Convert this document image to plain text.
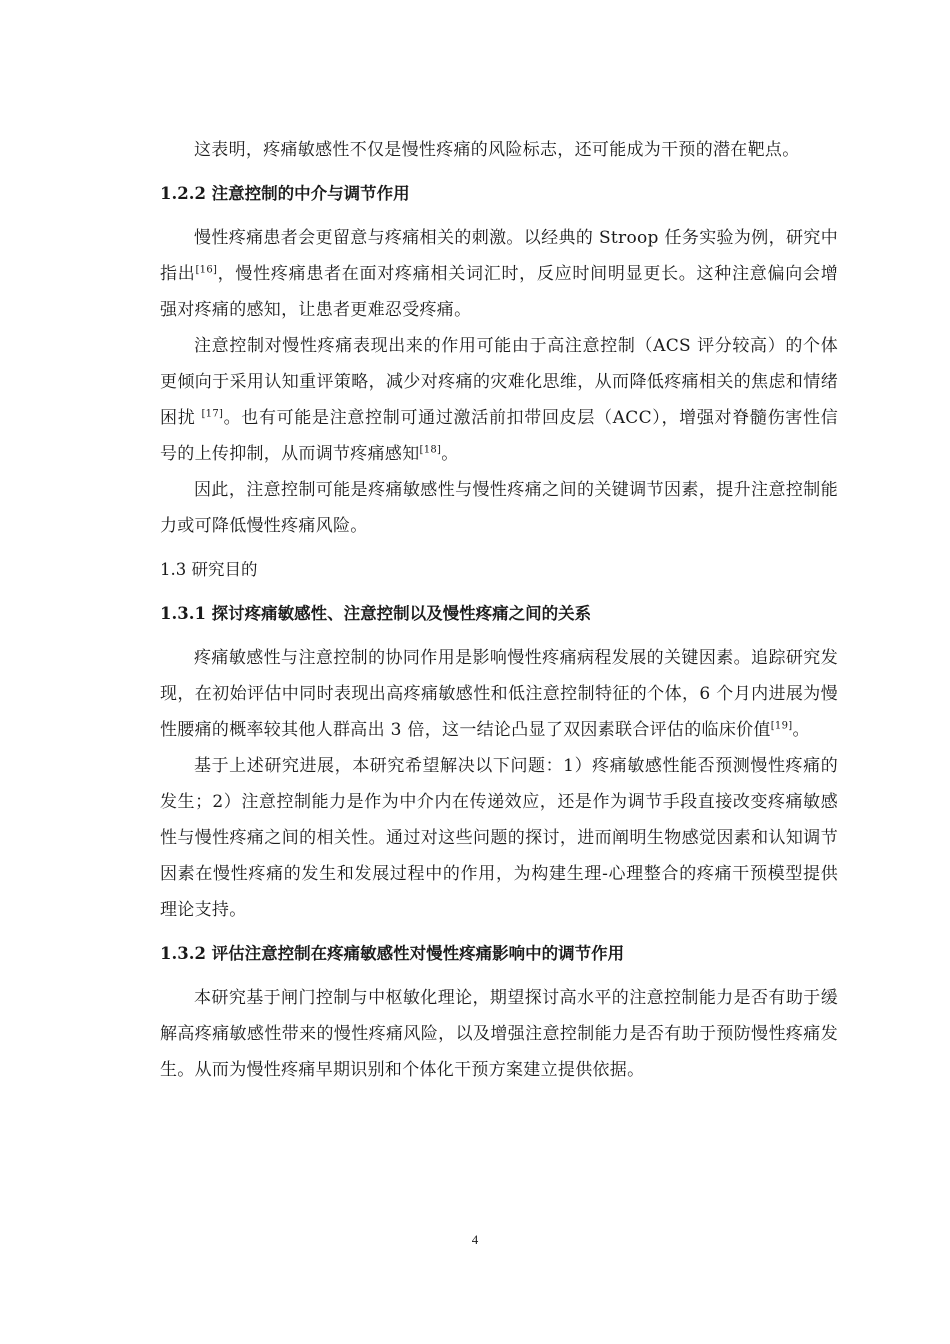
这表明，疼痛敏感性不仅是慢性疼痛的风险标志，还可能成为干预的潜在靶点。

1.2.2 注意控制的中介与调节作用

慢性疼痛患者会更留意与疼痛相关的刺激。以经典的 Stroop 任务实验为例，研究中指出[16]，慢性疼痛患者在面对疼痛相关词汇时，反应时间明显更长。这种注意偏向会增强对疼痛的感知，让患者更难忍受疼痛。

注意控制对慢性疼痛表现出来的作用可能由于高注意控制（ACS 评分较高）的个体更倾向于采用认知重评策略，减少对疼痛的灾难化思维，从而降低疼痛相关的焦虑和情绪困扰 [17]。也有可能是注意控制可通过激活前扣带回皮层（ACC），增强对脊髓伤害性信号的上传抑制，从而调节疼痛感知[18]。

因此，注意控制可能是疼痛敏感性与慢性疼痛之间的关键调节因素，提升注意控制能力或可降低慢性疼痛风险。

1.3 研究目的

1.3.1 探讨疼痛敏感性、注意控制以及慢性疼痛之间的关系

疼痛敏感性与注意控制的协同作用是影响慢性疼痛病程发展的关键因素。追踪研究发现，在初始评估中同时表现出高疼痛敏感性和低注意控制特征的个体，6 个月内进展为慢性腰痛的概率较其他人群高出 3 倍，这一结论凸显了双因素联合评估的临床价值[19]。

基于上述研究进展，本研究希望解决以下问题：1）疼痛敏感性能否预测慢性疼痛的发生；2）注意控制能力是作为中介内在传递效应，还是作为调节手段直接改变疼痛敏感性与慢性疼痛之间的相关性。通过对这些问题的探讨，进而阐明生物感觉因素和认知调节因素在慢性疼痛的发生和发展过程中的作用，为构建生理-心理整合的疼痛干预模型提供理论支持。

1.3.2 评估注意控制在疼痛敏感性对慢性疼痛影响中的调节作用

本研究基于闸门控制与中枢敏化理论，期望探讨高水平的注意控制能力是否有助于缓解高疼痛敏感性带来的慢性疼痛风险，以及增强注意控制能力是否有助于预防慢性疼痛发生。从而为慢性疼痛早期识别和个体化干预方案建立提供依据。

4
